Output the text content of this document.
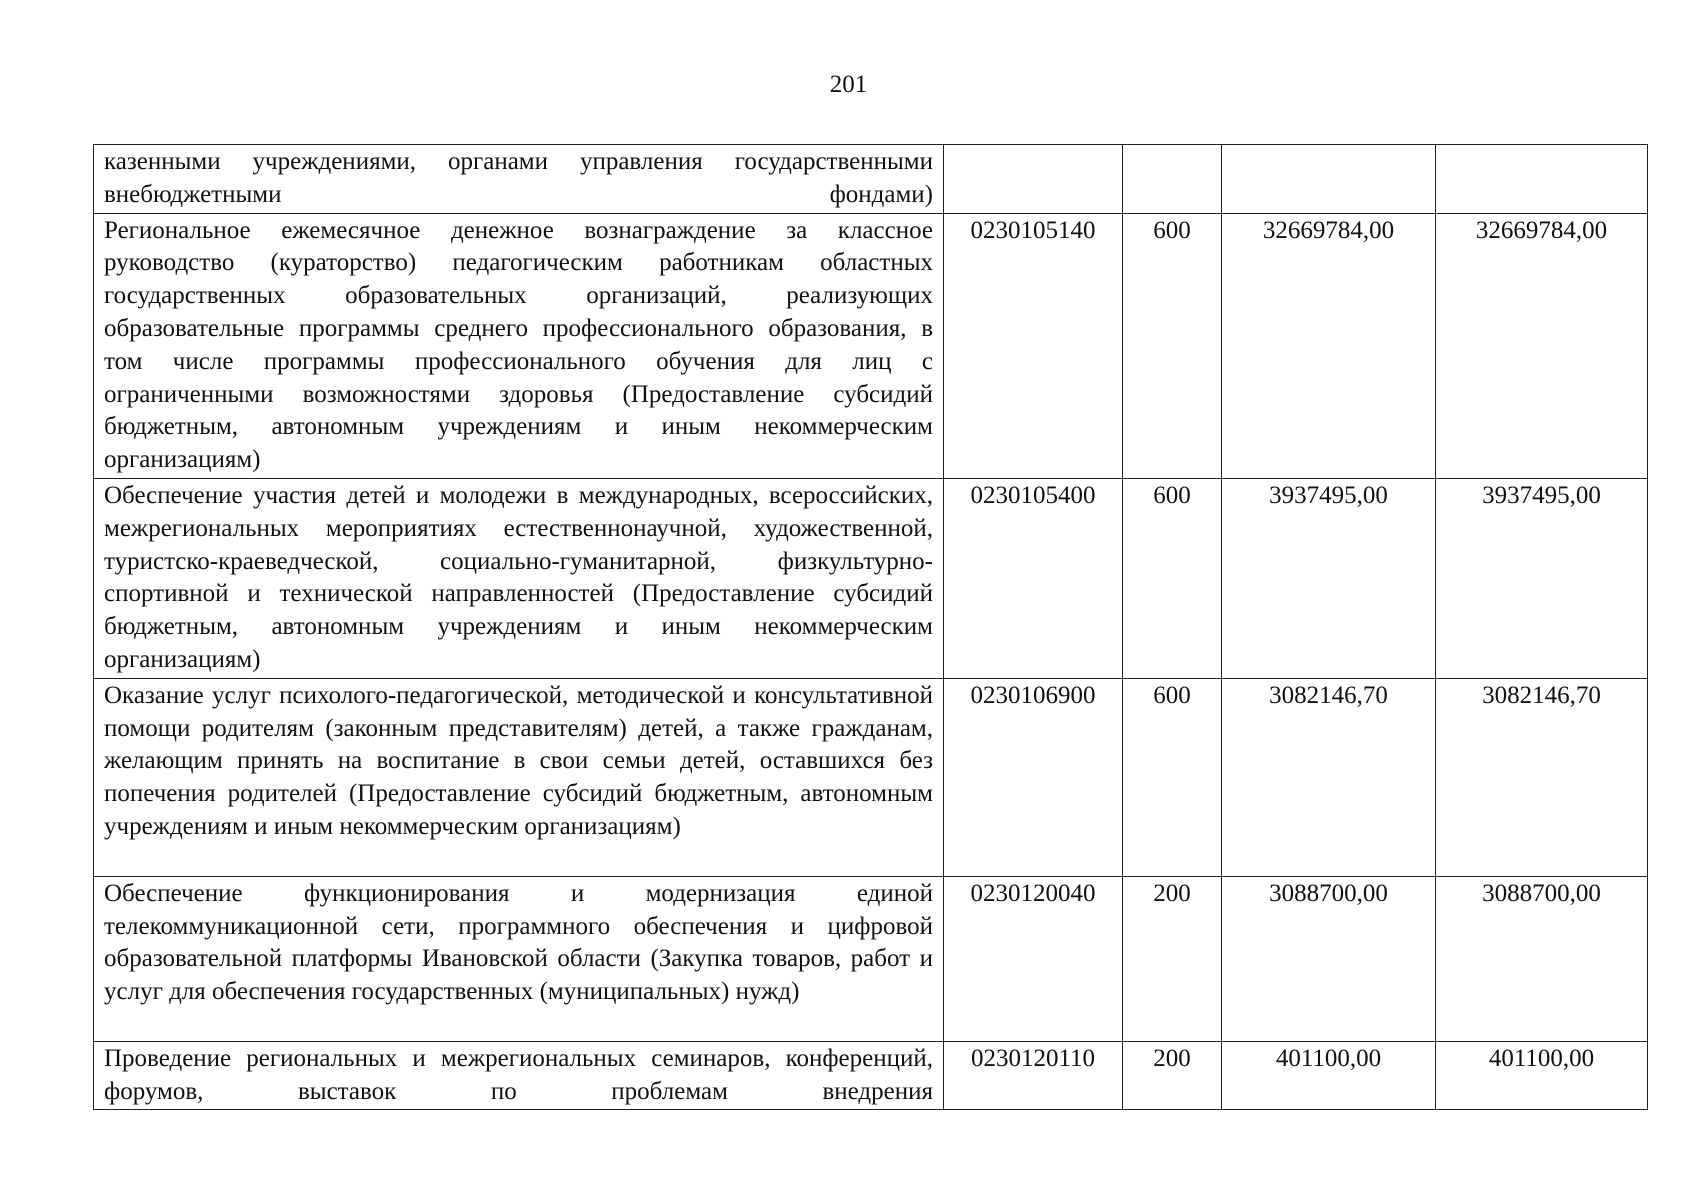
201
казенными учреждениями, органами управления государственными внебюджетными фондами)				
Региональное ежемесячное денежное вознаграждение за классное руководство (кураторство) педагогическим работникам областных государственных образовательных организаций, реализующих образовательные программы среднего профессионального образования, в том числе программы профессионального обучения для лиц с ограниченными возможностями здоровья (Предоставление субсидий бюджетным, автономным учреждениям и иным некоммерческим организациям)	0230105140	600	32669784,00	32669784,00
Обеспечение участия детей и молодежи в международных, всероссийских, межрегиональных мероприятиях естественнонаучной, художественной, туристско-краеведческой, социально-гуманитарной, физкультурно-спортивной и технической направленностей (Предоставление субсидий бюджетным, автономным учреждениям и иным некоммерческим организациям)	0230105400	600	3937495,00	3937495,00
Оказание услуг психолого-педагогической, методической и консультативной помощи родителям (законным представителям) детей, а также гражданам, желающим принять на воспитание в свои семьи детей, оставшихся без попечения родителей (Предоставление субсидий бюджетным, автономным учреждениям и иным некоммерческим организациям)	0230106900	600	3082146,70	3082146,70
Обеспечение функционирования и модернизация единой телекоммуникационной сети, программного обеспечения и цифровой образовательной платформы Ивановской области (Закупка товаров, работ и услуг для обеспечения государственных (муниципальных) нужд)	0230120040	200	3088700,00	3088700,00
Проведение региональных и межрегиональных семинаров, конференций, форумов, выставок по проблемам внедрения	0230120110	200	401100,00	401100,00
